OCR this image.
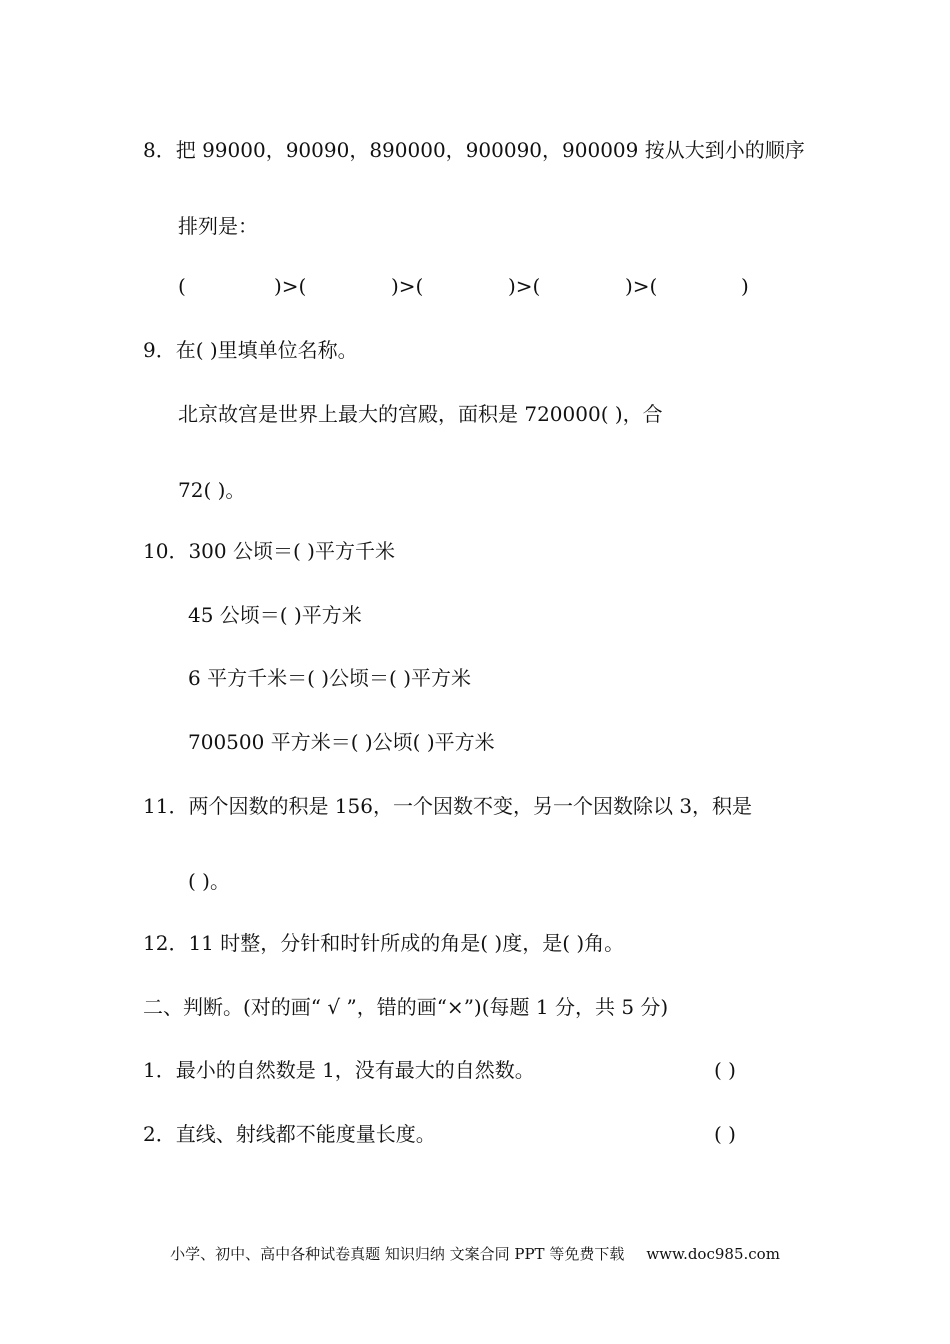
8．把 99000，90090，890000，900090，900009 按从大到小的顺序
排列是：
(	)>(	)>(	)>(	)>(	)
9．在( )里填单位名称。
北京故宫是世界上最大的宫殿，面积是 720000( )，合
72( )。
10．300 公顷＝( )平方千米
45 公顷＝( )平方米
6 平方千米＝( )公顷＝( )平方米
700500 平方米＝( )公顷( )平方米
11．两个因数的积是 156，一个因数不变，另一个因数除以 3，积是
( )。
12．11 时整，分针和时针所成的角是( )度，是( )角。
二、判断。(对的画“ √ ”，错的画“×”)(每题 1 分，共 5 分)
1．最小的自然数是 1，没有最大的自然数。	( )
2．直线、射线都不能度量长度。	( )
小学、初中、高中各种试卷真题 知识归纳 文案合同 PPT 等免费下载 www.doc985.com
